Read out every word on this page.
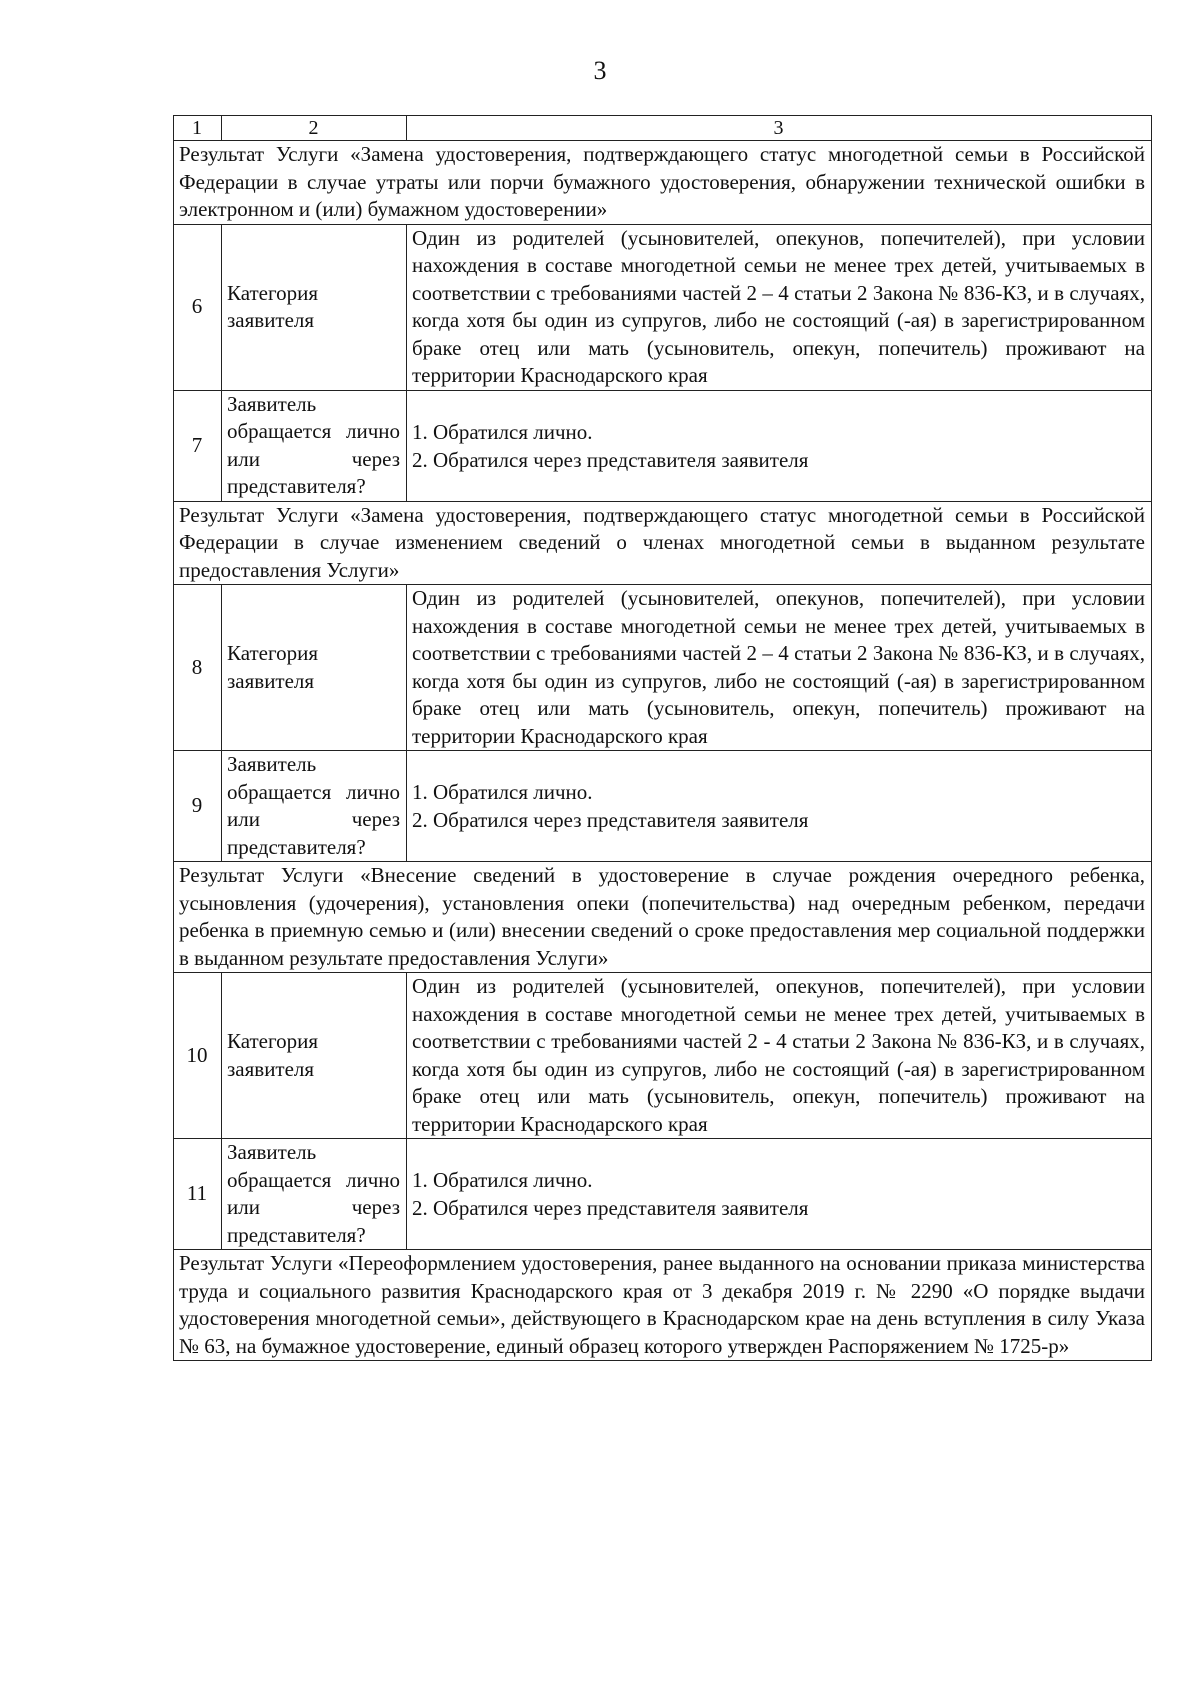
3
1	2	3
Результат Услуги «Замена удостоверения, подтверждающего статус многодетной семьи в Российской Федерации в случае утраты или порчи бумажного удостоверения, обнаружении технической ошибки в электронном и (или) бумажном удостоверении»		
6	Категория заявителя	Один из родителей (усыновителей, опекунов, попечителей), при условии нахождения в составе многодетной семьи не менее трех детей, учитываемых в соответствии с требованиями частей 2 – 4 статьи 2 Закона № 836-КЗ, и в случаях, когда хотя бы один из супругов, либо не состоящий (-ая) в зарегистрированном браке отец или мать (усыновитель, опекун, попечитель) проживают на территории Краснодарского края
7	Заявитель обращается лично или через представителя?	1. Обратился лично.
2. Обратился через представителя заявителя

Результат Услуги «Замена удостоверения, подтверждающего статус многодетной семьи в Российской Федерации в случае изменением сведений о членах многодетной семьи в выданном результате предоставления Услуги»		
8	Категория заявителя	Один из родителей (усыновителей, опекунов, попечителей), при условии нахождения в составе многодетной семьи не менее трех детей, учитываемых в соответствии с требованиями частей 2 – 4 статьи 2 Закона № 836-КЗ, и в случаях, когда хотя бы один из супругов, либо не состоящий (-ая) в зарегистрированном браке отец или мать (усыновитель, опекун, попечитель) проживают на территории Краснодарского края
9	Заявитель обращается лично или через представителя?	1. Обратился лично.
2. Обратился через представителя заявителя

Результат Услуги «Внесение сведений в удостоверение в случае рождения очередного ребенка, усыновления (удочерения), установления опеки (попечительства) над очередным ребенком, передачи ребенка в приемную семью и (или) внесении сведений о сроке предоставления мер социальной поддержки в выданном результате предоставления Услуги»		
10	Категория заявителя	Один из родителей (усыновителей, опекунов, попечителей), при условии нахождения в составе многодетной семьи не менее трех детей, учитываемых в соответствии с требованиями частей 2 - 4 статьи 2 Закона № 836-КЗ, и в случаях, когда хотя бы один из супругов, либо не состоящий (-ая) в зарегистрированном браке отец или мать (усыновитель, опекун, попечитель) проживают на территории Краснодарского края
11	Заявитель обращается лично или через представителя?	1. Обратился лично.
2. Обратился через представителя заявителя

Результат Услуги «Переоформлением удостоверения, ранее выданного на основании приказа министерства труда и социального развития Краснодарского края от 3 декабря 2019 г. № 2290 «О порядке выдачи удостоверения многодетной семьи», действующего в Краснодарском крае на день вступления в силу Указа № 63, на бумажное удостоверение, единый образец которого утвержден Распоряжением № 1725-р»		
